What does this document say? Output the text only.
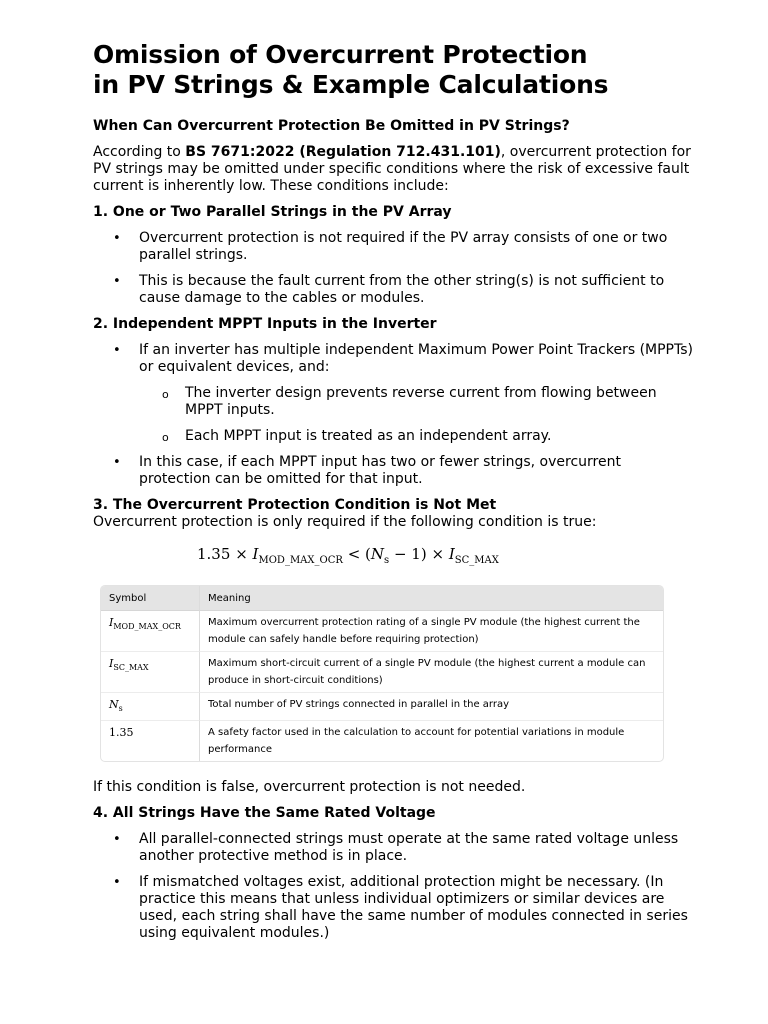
Omission of Overcurrent Protection
in PV Strings & Example Calculations
When Can Overcurrent Protection Be Omitted in PV Strings?

According to BS 7671:2022 (Regulation 712.431.101), overcurrent protection for PV strings may be omitted under specific conditions where the risk of excessive fault current is inherently low. These conditions include:

1. One or Two Parallel Strings in the PV Array
• Overcurrent protection is not required if the PV array consists of one or two parallel strings.
• This is because the fault current from the other string(s) is not sufficient to cause damage to the cables or modules.
2. Independent MPPT Inputs in the Inverter
• If an inverter has multiple independent Maximum Power Point Trackers (MPPTs) or equivalent devices, and:
o The inverter design prevents reverse current from flowing between MPPT inputs.
o Each MPPT input is treated as an independent array.
• In this case, if each MPPT input has two or fewer strings, overcurrent protection can be omitted for that input.
3. The Overcurrent Protection Condition is Not Met

Overcurrent protection is only required if the following condition is true:

$1.35 \times I_{MOD\_MAX\_OCR} < (N_s - 1) \times I_{SC\_MAX}$
Symbol	Meaning
$I_{MOD\_MAX\_OCR}$	Maximum overcurrent protection rating of a single PV module (the highest current the module can safely handle before requiring protection)
$I_{SC\_MAX}$	Maximum short-circuit current of a single PV module (the highest current a module can produce in short-circuit conditions)
$N_s$	Total number of PV strings connected in parallel in the array
1.35	A safety factor used in the calculation to account for potential variations in module performance

If this condition is false, overcurrent protection is not needed.

4. All Strings Have the Same Rated Voltage
• All parallel-connected strings must operate at the same rated voltage unless another protective method is in place.
• If mismatched voltages exist, additional protection might be necessary. (In practice this means that unless individual optimizers or similar devices are used, each string shall have the same number of modules connected in series using equivalent modules.)
